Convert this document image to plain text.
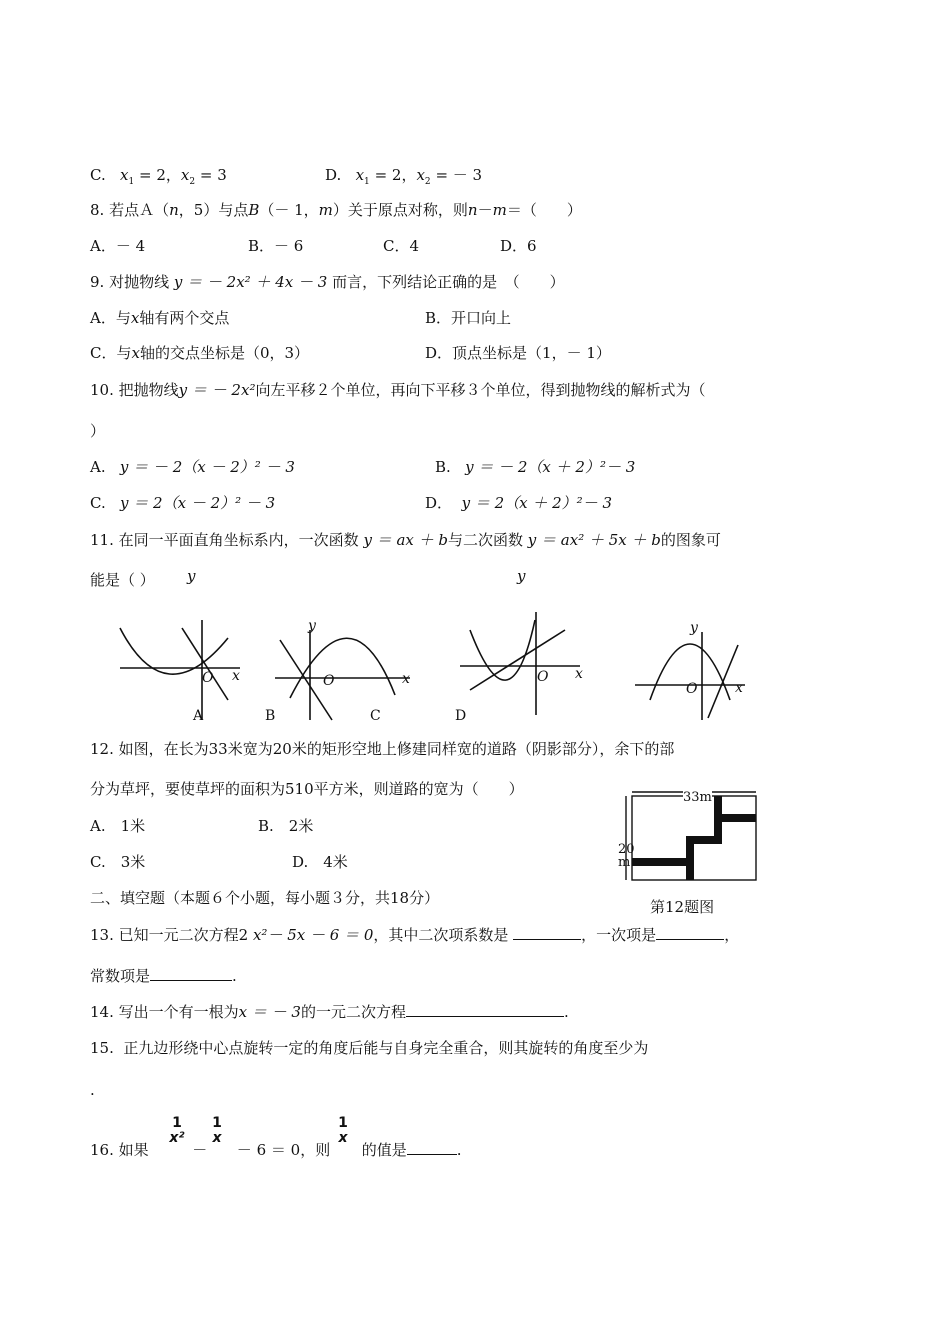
C. $x_1 = 2$，$x_2 = 3$	D. $x_1 = 2$，$x_2$ = － 3
8. 若点Ａ（n，5）与点B（－ 1，m）关于原点对称，则n－m＝（　　）
A．－ 4	B．－ 6	C．4	D．6
9. 对抛物线 y ＝ － 2x² ＋ 4x － 3 而言，下列结论正确的是　（　　）
A．与x轴有两个交点	B．开口向上
C．与x轴的交点坐标是（0，3）	D．顶点坐标是（1，－ 1）
10. 把抛物线y ＝ － 2x²向左平移２个单位，再向下平移３个单位，得到抛物线的解析式为（
）
A. y ＝ － 2（x － 2）² － 3	B. y ＝ － 2（x ＋ 2）²－ 3
C. y ＝ 2（x － 2）² － 3	D． y ＝ 2（x ＋ 2）²－ 3
11. 在同一平面直角坐标系内，一次函数 y ＝ ax ＋ b与二次函数 y ＝ ax² ＋ 5x ＋ b的图象可
能是（ ） y	y
O x
A
y
O	x
B	C
O x
D
y
O	x
12. 如图，在长为33米宽为20米的矩形空地上修建同样宽的道路（阴影部分），余下的部
分为草坪，要使草坪的面积为510平方米，则道路的宽为（　　）
A.　1米	B.　2米
C.　3米	D.　4米
33m
20
m
第12题图
二、填空题（本题６个小题，每小题３分，共18分）
13. 已知一元二次方程2 x²－ 5x － 6 ＝ 0，其中二次项系数是	，一次项是	，
常数项是	.
14. 写出一个有一根为x ＝ － 3的一元二次方程	.
15. 正九边形绕中心点旋转一定的角度后能与自身完全重合，则其旋转的角度至少为
.
16. 如果	－ － 6 ＝ 0，则 的值是	.
1
x²
1
x
1
x
